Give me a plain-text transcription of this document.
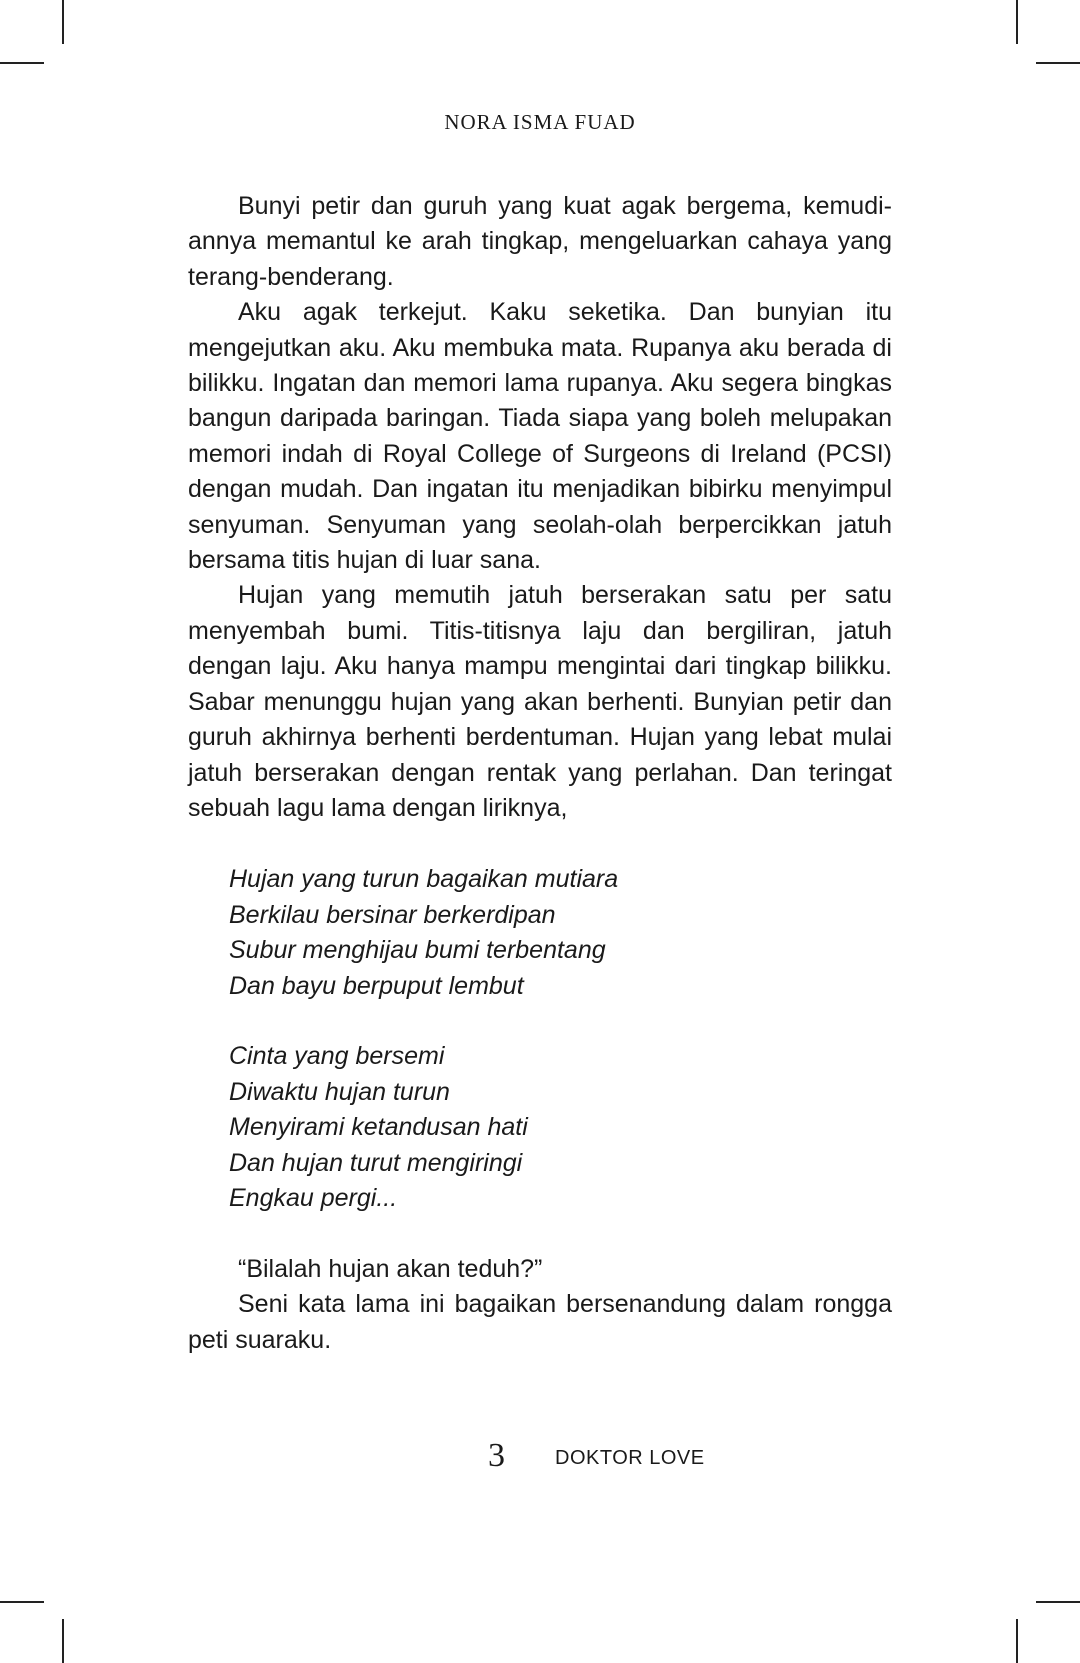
NORA ISMA FUAD

Bunyi petir dan guruh yang kuat agak bergema, kemudi-annya memantul ke arah tingkap, mengeluarkan cahaya yang terang-benderang.

Aku agak terkejut. Kaku seketika. Dan bunyian itu mengejutkan aku. Aku membuka mata. Rupanya aku berada di bilikku. Ingatan dan memori lama rupanya. Aku segera bingkas bangun daripada baringan. Tiada siapa yang boleh melupakan memori indah di Royal College of Surgeons di Ireland (PCSI) dengan mudah. Dan ingatan itu menjadikan bibirku menyimpul senyuman. Senyuman yang seolah-olah berpercikkan jatuh bersama titis hujan di luar sana.

Hujan yang memutih jatuh berserakan satu per satu menyembah bumi. Titis-titisnya laju dan bergiliran, jatuh dengan laju. Aku hanya mampu mengintai dari tingkap bilikku. Sabar menunggu hujan yang akan berhenti. Bunyian petir dan guruh akhirnya berhenti berdentuman. Hujan yang lebat mulai jatuh berserakan dengan rentak yang perlahan. Dan teringat sebuah lagu lama dengan liriknya,

Hujan yang turun bagaikan mutiara
Berkilau bersinar berkerdipan
Subur menghijau bumi terbentang
Dan bayu berpuput lembut
Cinta yang bersemi
Diwaktu hujan turun
Menyirami ketandusan hati
Dan hujan turut mengiringi
Engkau pergi...

“Bilalah hujan akan teduh?”

Seni kata lama ini bagaikan bersenandung dalam rongga peti suaraku.

3	DOKTOR LOVE
